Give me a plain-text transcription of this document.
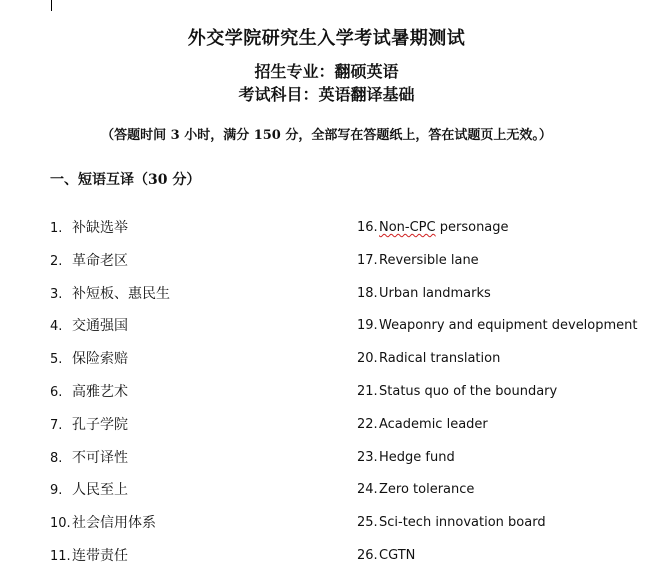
外交学院研究生入学考试暑期测试
招生专业：翻硕英语
考试科目：英语翻译基础
（答题时间 3 小时，满分 150 分，全部写在答题纸上，答在试题页上无效。）
一、短语互译（30 分）
1. 补缺选举
2. 革命老区
3. 补短板、惠民生
4. 交通强国
5. 保险索赔
6. 高雅艺术
7. 孔子学院
8. 不可译性
9. 人民至上
10.社会信用体系
11.连带责任
16.Non-CPC personage
17.Reversible lane
18.Urban landmarks
19.Weaponry and equipment development
20.Radical translation
21.Status quo of the boundary
22.Academic leader
23.Hedge fund
24.Zero tolerance
25.Sci-tech innovation board
26.CGTN
